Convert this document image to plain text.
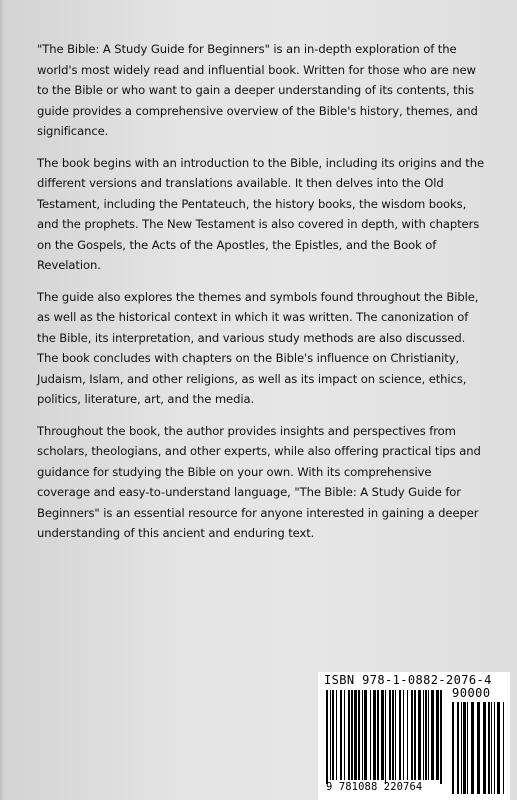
"The Bible: A Study Guide for Beginners" is an in-depth exploration of the world's most widely read and influential book. Written for those who are new to the Bible or who want to gain a deeper understanding of its contents, this guide provides a comprehensive overview of the Bible's history, themes, and significance.

The book begins with an introduction to the Bible, including its origins and the different versions and translations available. It then delves into the Old Testament, including the Pentateuch, the history books, the wisdom books, and the prophets. The New Testament is also covered in depth, with chapters on the Gospels, the Acts of the Apostles, the Epistles, and the Book of Revelation.

The guide also explores the themes and symbols found throughout the Bible, as well as the historical context in which it was written. The canonization of the Bible, its interpretation, and various study methods are also discussed. The book concludes with chapters on the Bible's influence on Christianity, Judaism, Islam, and other religions, as well as its impact on science, ethics, politics, literature, art, and the media.

Throughout the book, the author provides insights and perspectives from scholars, theologians, and other experts, while also offering practical tips and guidance for studying the Bible on your own. With its comprehensive coverage and easy-to-understand language, "The Bible: A Study Guide for Beginners" is an essential resource for anyone interested in gaining a deeper understanding of this ancient and enduring text.

ISBN 978-1-0882-2076-4
90000
9 781088 220764
